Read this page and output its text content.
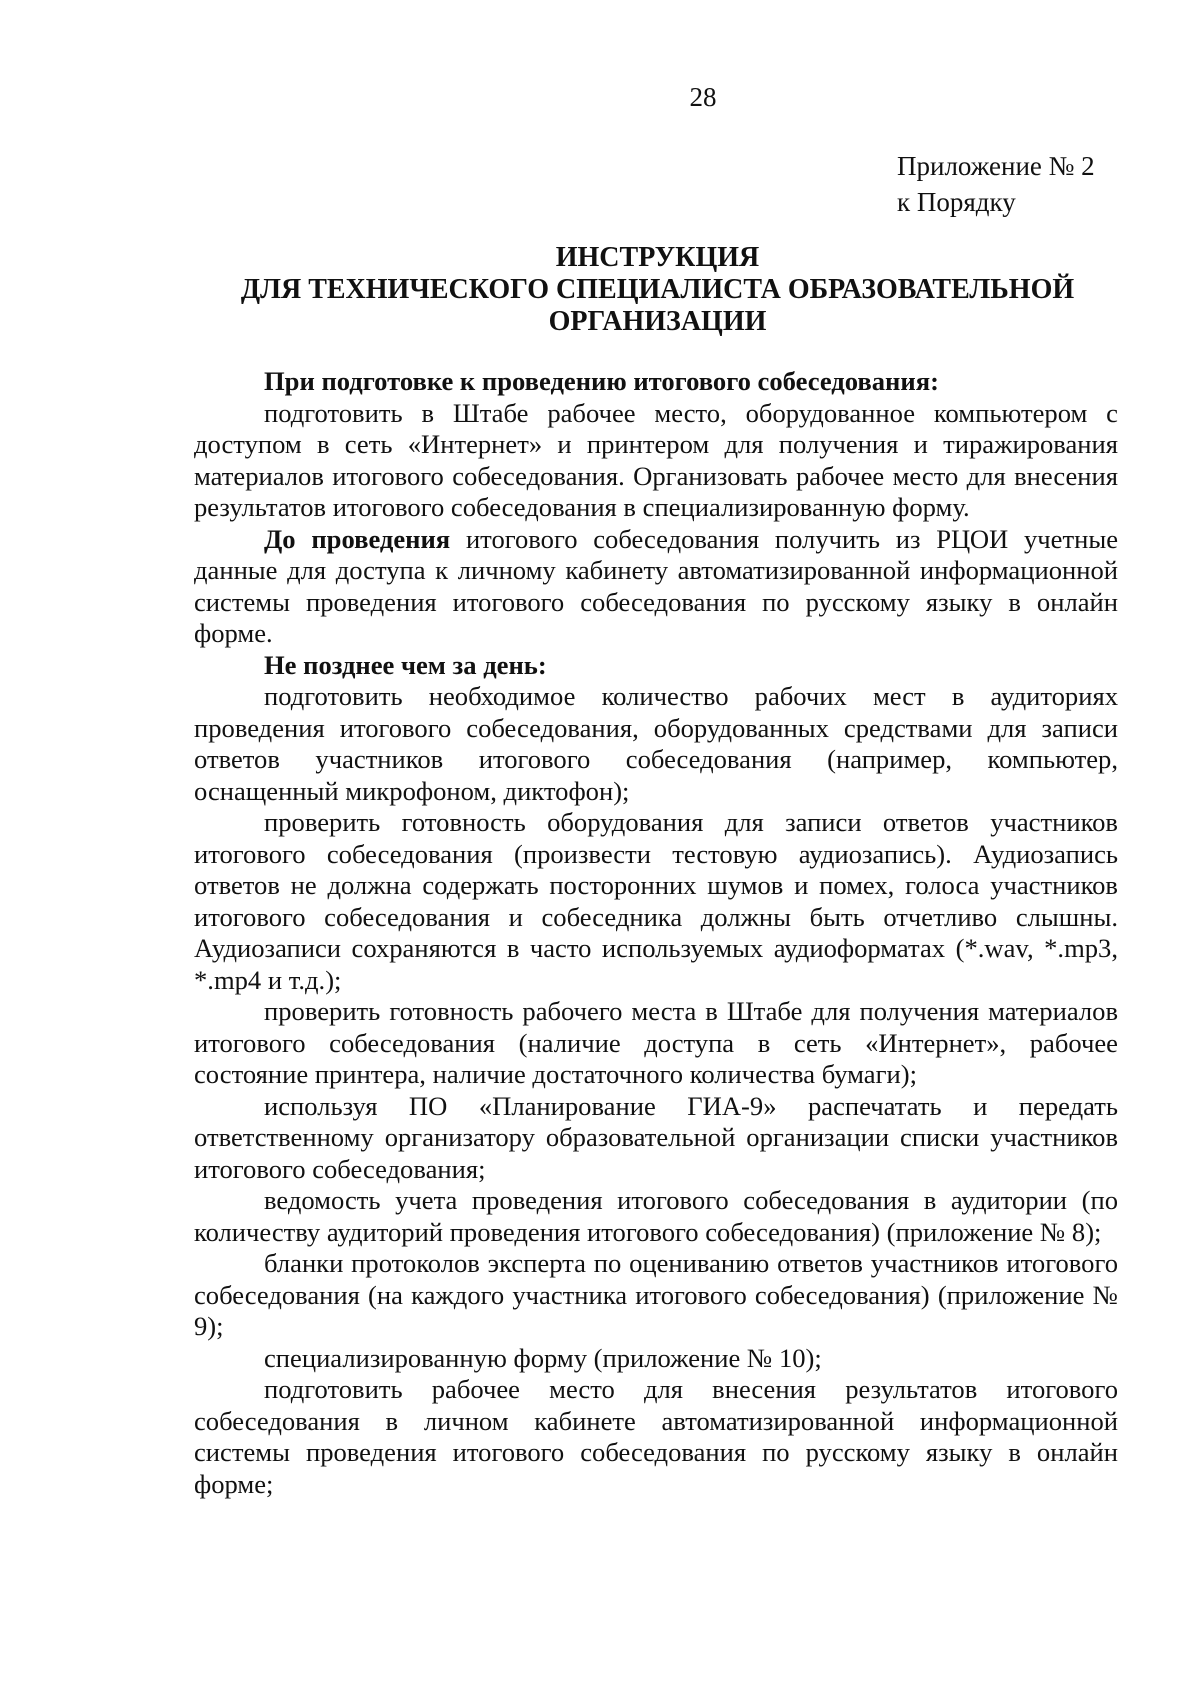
28
Приложение № 2
к Порядку
ИНСТРУКЦИЯ
ДЛЯ ТЕХНИЧЕСКОГО СПЕЦИАЛИСТА ОБРАЗОВАТЕЛЬНОЙ
ОРГАНИЗАЦИИ

При подготовке к проведению итогового собеседования:

подготовить в Штабе рабочее место, оборудованное компьютером с доступом в сеть «Интернет» и принтером для получения и тиражирования материалов итогового собеседования. Организовать рабочее место для внесения результатов итогового собеседования в специализированную форму.

До проведения итогового собеседования получить из РЦОИ учетные данные для доступа к личному кабинету автоматизированной информационной системы проведения итогового собеседования по русскому языку в онлайн форме.

Не позднее чем за день:

подготовить необходимое количество рабочих мест в аудиториях проведения итогового собеседования, оборудованных средствами для записи ответов участников итогового собеседования (например, компьютер, оснащенный микрофоном, диктофон);

проверить готовность оборудования для записи ответов участников итогового собеседования (произвести тестовую аудиозапись). Аудиозапись ответов не должна содержать посторонних шумов и помех, голоса участников итогового собеседования и собеседника должны быть отчетливо слышны. Аудиозаписи сохраняются в часто используемых аудиоформатах (*.wav, *.mp3, *.mp4 и т.д.);

проверить готовность рабочего места в Штабе для получения материалов итогового собеседования (наличие доступа в сеть «Интернет», рабочее состояние принтера, наличие достаточного количества бумаги);

используя ПО «Планирование ГИА-9» распечатать и передать ответственному организатору образовательной организации списки участников итогового собеседования;

ведомость учета проведения итогового собеседования в аудитории (по количеству аудиторий проведения итогового собеседования) (приложение № 8);

бланки протоколов эксперта по оцениванию ответов участников итогового собеседования (на каждого участника итогового собеседования) (приложение № 9);

специализированную форму (приложение № 10);

подготовить рабочее место для внесения результатов итогового собеседования в личном кабинете автоматизированной информационной системы проведения итогового собеседования по русскому языку в онлайн форме;
